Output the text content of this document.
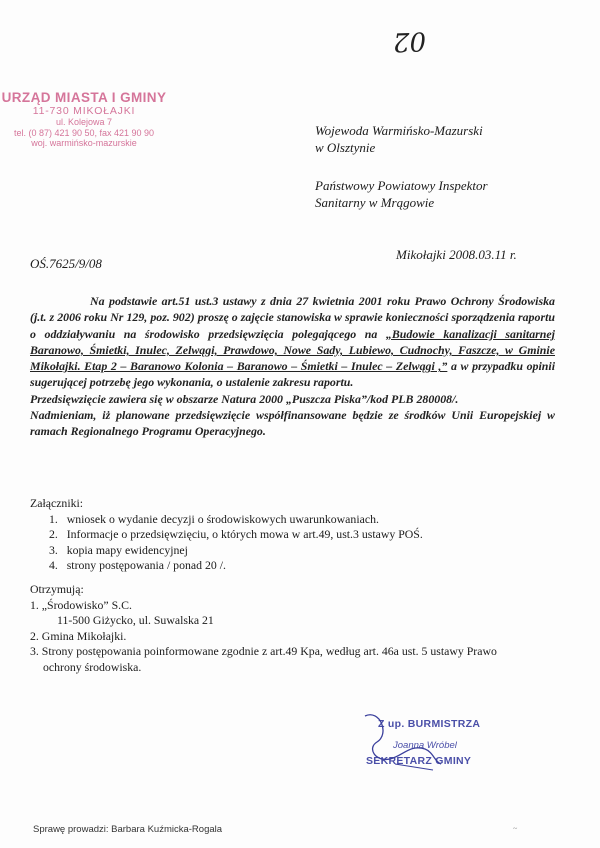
02
URZĄD MIASTA I GMINY
11-730 MIKOŁAJKI
ul. Kolejowa 7
tel. (0 87) 421 90 50, fax 421 90 90
woj. warmińsko-mazurskie
Wojewoda Warmińsko-Mazurski
w Olsztynie
Państwowy Powiatowy Inspektor
Sanitarny w Mrągowie
OŚ.7625/9/08
Mikołajki 2008.03.11 r.
Na podstawie art.51 ust.3 ustawy z dnia 27 kwietnia 2001 roku Prawo Ochrony Środowiska (j.t. z 2006 roku Nr 129, poz. 902) proszę o zajęcie stanowiska w sprawie konieczności sporządzenia raportu o oddziaływaniu na środowisko przedsięwzięcia polegającego na „Budowie kanalizacji sanitarnej Baranowo, Śmietki, Inulec, Zelwągi, Prawdowo, Nowe Sady, Lubiewo, Cudnochy, Faszcze, w Gminie Mikołajki. Etap 2 – Baranowo Kolonia – Baranowo – Śmietki – Inulec – Zelwągi ,” a w przypadku opinii sugerującej potrzebę jego wykonania, o ustalenie zakresu raportu.
Przedsięwzięcie zawiera się w obszarze Natura 2000 „Puszcza Piska”/kod PLB 280008/.
Nadmieniam, iż planowane przedsięwzięcie współfinansowane będzie ze środków Unii Europejskiej w ramach Regionalnego Programu Operacyjnego.
Załączniki:
1.   wniosek o wydanie decyzji o środowiskowych uwarunkowaniach.
2.   Informacje o przedsięwzięciu, o których mowa w art.49, ust.3 ustawy POŚ.
3.   kopia mapy ewidencyjnej
4.   strony postępowania / ponad 20 /.
Otrzymują:
1. „Środowisko” S.C.
11-500 Giżycko, ul. Suwalska 21
2. Gmina Mikołajki.
3. Strony postępowania poinformowane zgodnie z art.49 Kpa, według art. 46a ust. 5 ustawy Prawo
ochrony środowiska.
Z up. BURMISTRZA
Joanna Wróbel
SEKRETARZ GMINY
Sprawę prowadzi: Barbara Kuźmicka-Rogala	~
